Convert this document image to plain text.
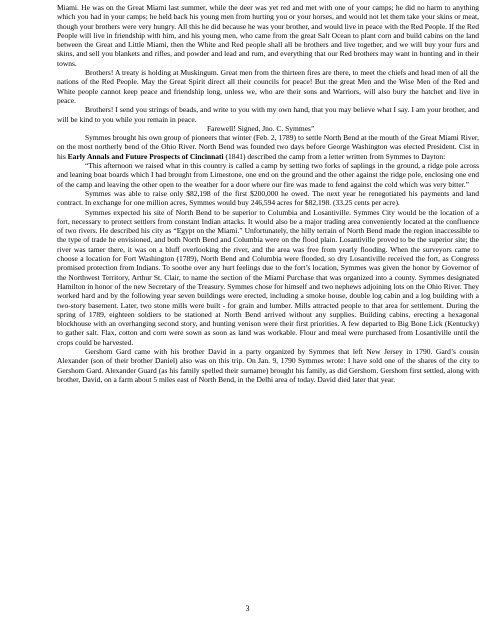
Miami. He was on the Great Miami last summer, while the deer was yet red and met with one of your camps; he did no harm to anything which you had in your camps; he held back his young men from hurting you or your horses, and would not let them take your skins or meat, though your brothers were very hungry. All this he did because he was your brother, and would live in peace with the Red People. If the Red People will live in friendship with him, and his young men, who came from the great Salt Ocean to plant corn and build cabins on the land between the Great and Little Miami, then the White and Red people shall all be brothers and live together, and we will buy your furs and skins, and sell you blankets and rifles, and powder and lead and rum, and everything that our Red brothers may want in hunting and in their towns.

Brothers! A treaty is holding at Muskingum. Great men from the thirteen fires are there, to meet the chiefs and head men of all the nations of the Red People. May the Great Spirit direct all their councils for peace! But the great Men and the Wise Men of the Red and White people cannot keep peace and friendship long, unless we, who are their sons and Warriors, will also bury the hatchet and live in peace.

Brothers! I send you strings of beads, and write to you with my own hand, that you may believe what I say. I am your brother, and will be kind to you while you remain in peace.

Farewell! Signed, Jno. C. Symmes”

Symmes brought his own group of pioneers that winter (Feb. 2, 1789) to settle North Bend at the mouth of the Great Miami River, on the most northerly bend of the Ohio River. North Bend was founded two days before George Washington was elected President. Cist in his Early Annals and Future Prospects of Cincinnati (1841) described the camp from a letter written from Symmes to Dayton:

“This afternoon we raised what in this country is called a camp by setting two forks of saplings in the ground, a ridge pole across and leaning boat boards which I had brought from Limestone, one end on the ground and the other against the ridge pole, enclosing one end of the camp and leaving the other open to the weather for a door where our fire was made to fend against the cold which was very bitter.”

Symmes was able to raise only $82,198 of the first $200,000 he owed. The next year he renegotiated his payments and land contract. In exchange for one million acres, Symmes would buy 246,594 acres for $82,198. (33.25 cents per acre).

Symmes expected his site of North Bend to be superior to Columbia and Losantiville. Symmes City would be the location of a fort, necessary to protect settlers from constant Indian attacks. It would also be a major trading area conveniently located at the confluence of two rivers. He described his city as “Egypt on the Miami.” Unfortunately, the hilly terrain of North Bend made the region inaccessible to the type of trade he envisioned, and both North Bend and Columbia were on the flood plain. Losantiville proved to be the superior site; the river was tamer there, it was on a bluff overlooking the river, and the area was free from yearly flooding. When the surveyors came to choose a location for Fort Washington (1789), North Bend and Columbia were flooded, so dry Losantiville received the fort, as Congress promised protection from Indians. To soothe over any hurt feelings due to the fort’s location, Symmes was given the honor by Governor of the Northwest Territory, Arthur St. Clair, to name the section of the Miami Purchase that was organized into a county. Symmes designated Hamilton in honor of the new Secretary of the Treasury. Symmes chose for himself and two nephews adjoining lots on the Ohio River. They worked hard and by the following year seven buildings were erected, including a smoke house, double log cabin and a log building with a two-story basement. Later, two stone mills were built - for grain and lumber. Mills attracted people to that area for settlement. During the spring of 1789, eighteen soldiers to be stationed at North Bend arrived without any supplies. Building cabins, erecting a hexagonal blockhouse with an overhanging second story, and hunting venison were their first priorities. A few departed to Big Bone Lick (Kentucky) to gather salt. Flax, cotton and corn were sown as soon as land was workable. Flour and meal were purchased from Losantiville until the crops could be harvested.

Gershom Gard came with his brother David in a party organized by Symmes that left New Jersey in 1790. Gard’s cousin Alexander (son of their brother Daniel) also was on this trip. On Jan. 9, 1790 Symmes wrote: I have sold one of the shares of the city to Gershom Gard. Alexander Guard (as his family spelled their surname) brought his family, as did Gershom. Gershom first settled, along with brother, David, on a farm about 5 miles east of North Bend, in the Delhi area of today. David died later that year.

3
